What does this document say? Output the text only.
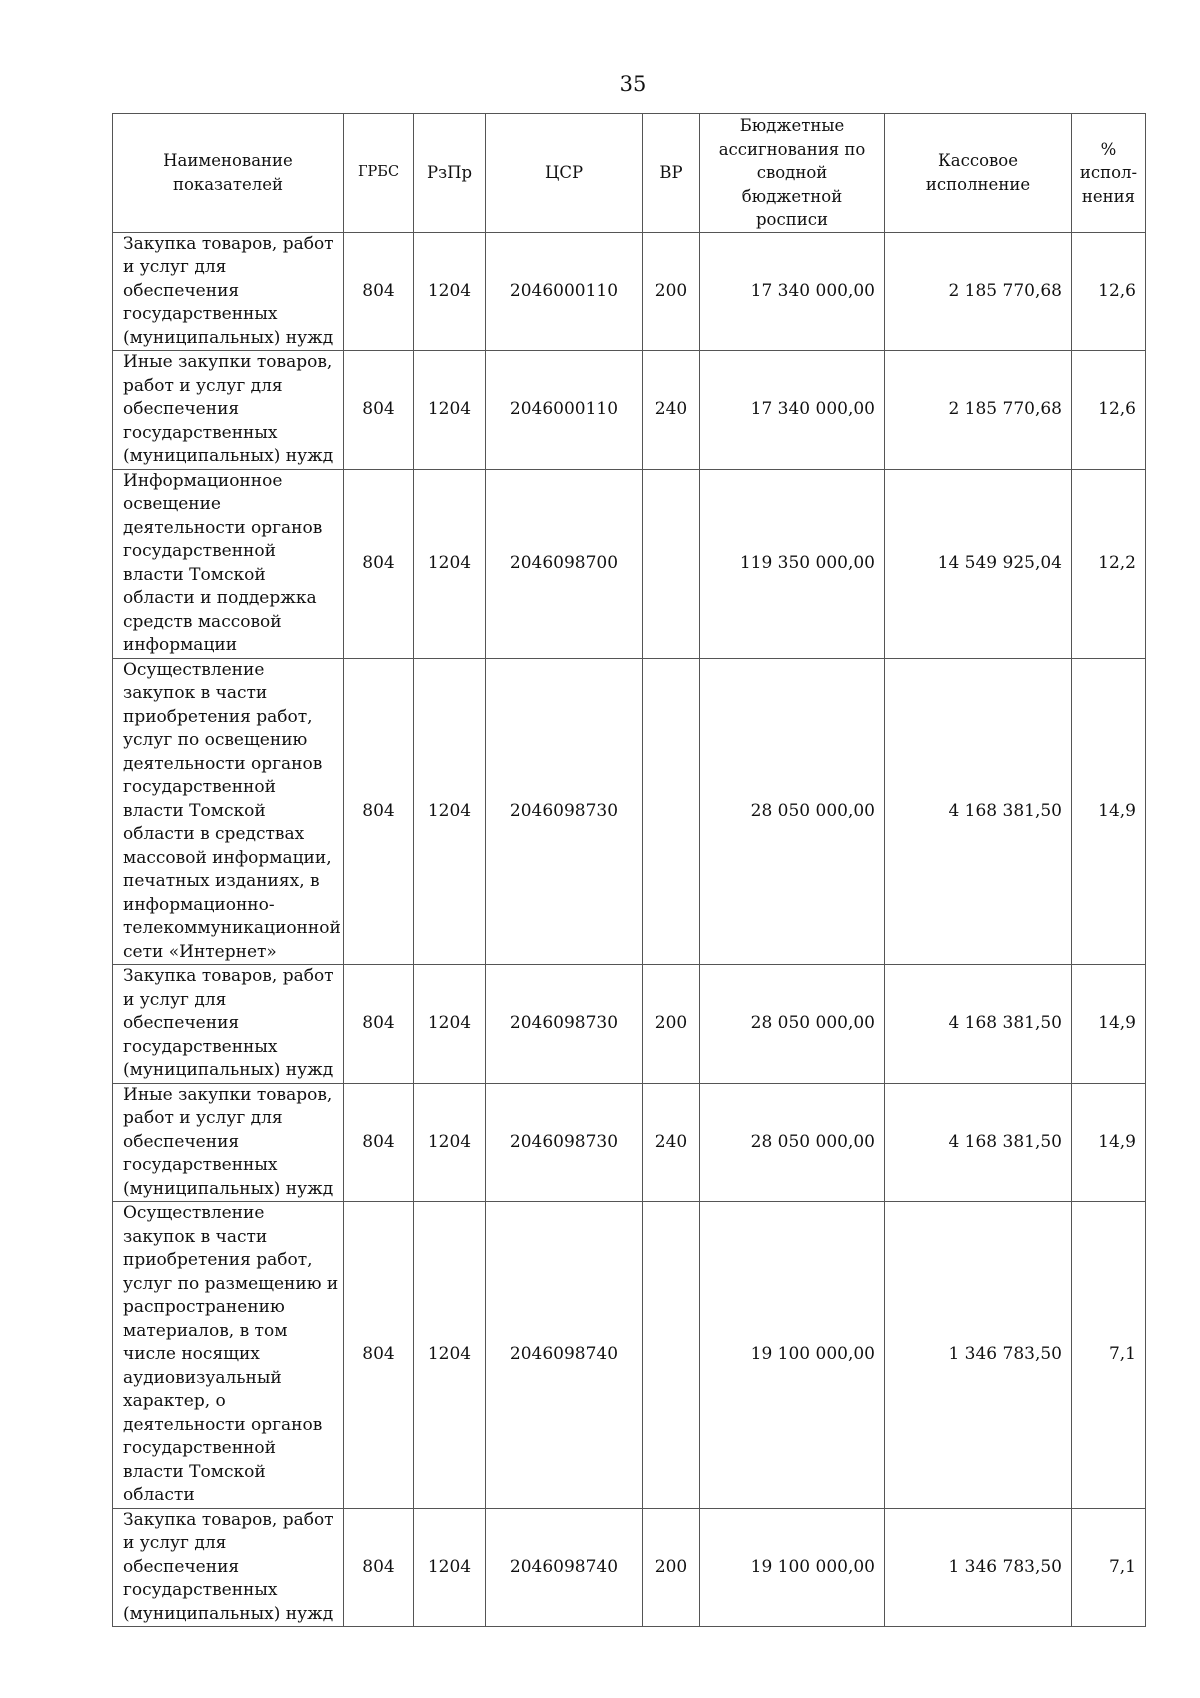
35
Наименование показателей	ГРБС	РзПр	ЦСР	ВР	Бюджетные ассигнования по сводной бюджетной росписи	Кассовое исполнение	% испол-нения
Закупка товаров, работ и услуг для обеспечения государственных (муниципальных) нужд	804	1204	2046000110	200	17 340 000,00	2 185 770,68	12,6
Иные закупки товаров, работ и услуг для обеспечения государственных (муниципальных) нужд	804	1204	2046000110	240	17 340 000,00	2 185 770,68	12,6
Информационное освещение деятельности органов государственной власти Томской области и поддержка средств массовой информации	804	1204	2046098700		119 350 000,00	14 549 925,04	12,2
Осуществление закупок в части приобретения работ, услуг по освещению деятельности органов государственной власти Томской области в средствах массовой информации, печатных изданиях, в информационно-телекоммуникационной сети «Интернет»	804	1204	2046098730		28 050 000,00	4 168 381,50	14,9
Закупка товаров, работ и услуг для обеспечения государственных (муниципальных) нужд	804	1204	2046098730	200	28 050 000,00	4 168 381,50	14,9
Иные закупки товаров, работ и услуг для обеспечения государственных (муниципальных) нужд	804	1204	2046098730	240	28 050 000,00	4 168 381,50	14,9
Осуществление закупок в части приобретения работ, услуг по размещению и распространению материалов, в том числе носящих аудиовизуальный характер, о деятельности органов государственной власти Томской области	804	1204	2046098740		19 100 000,00	1 346 783,50	7,1
Закупка товаров, работ и услуг для обеспечения государственных (муниципальных) нужд	804	1204	2046098740	200	19 100 000,00	1 346 783,50	7,1
